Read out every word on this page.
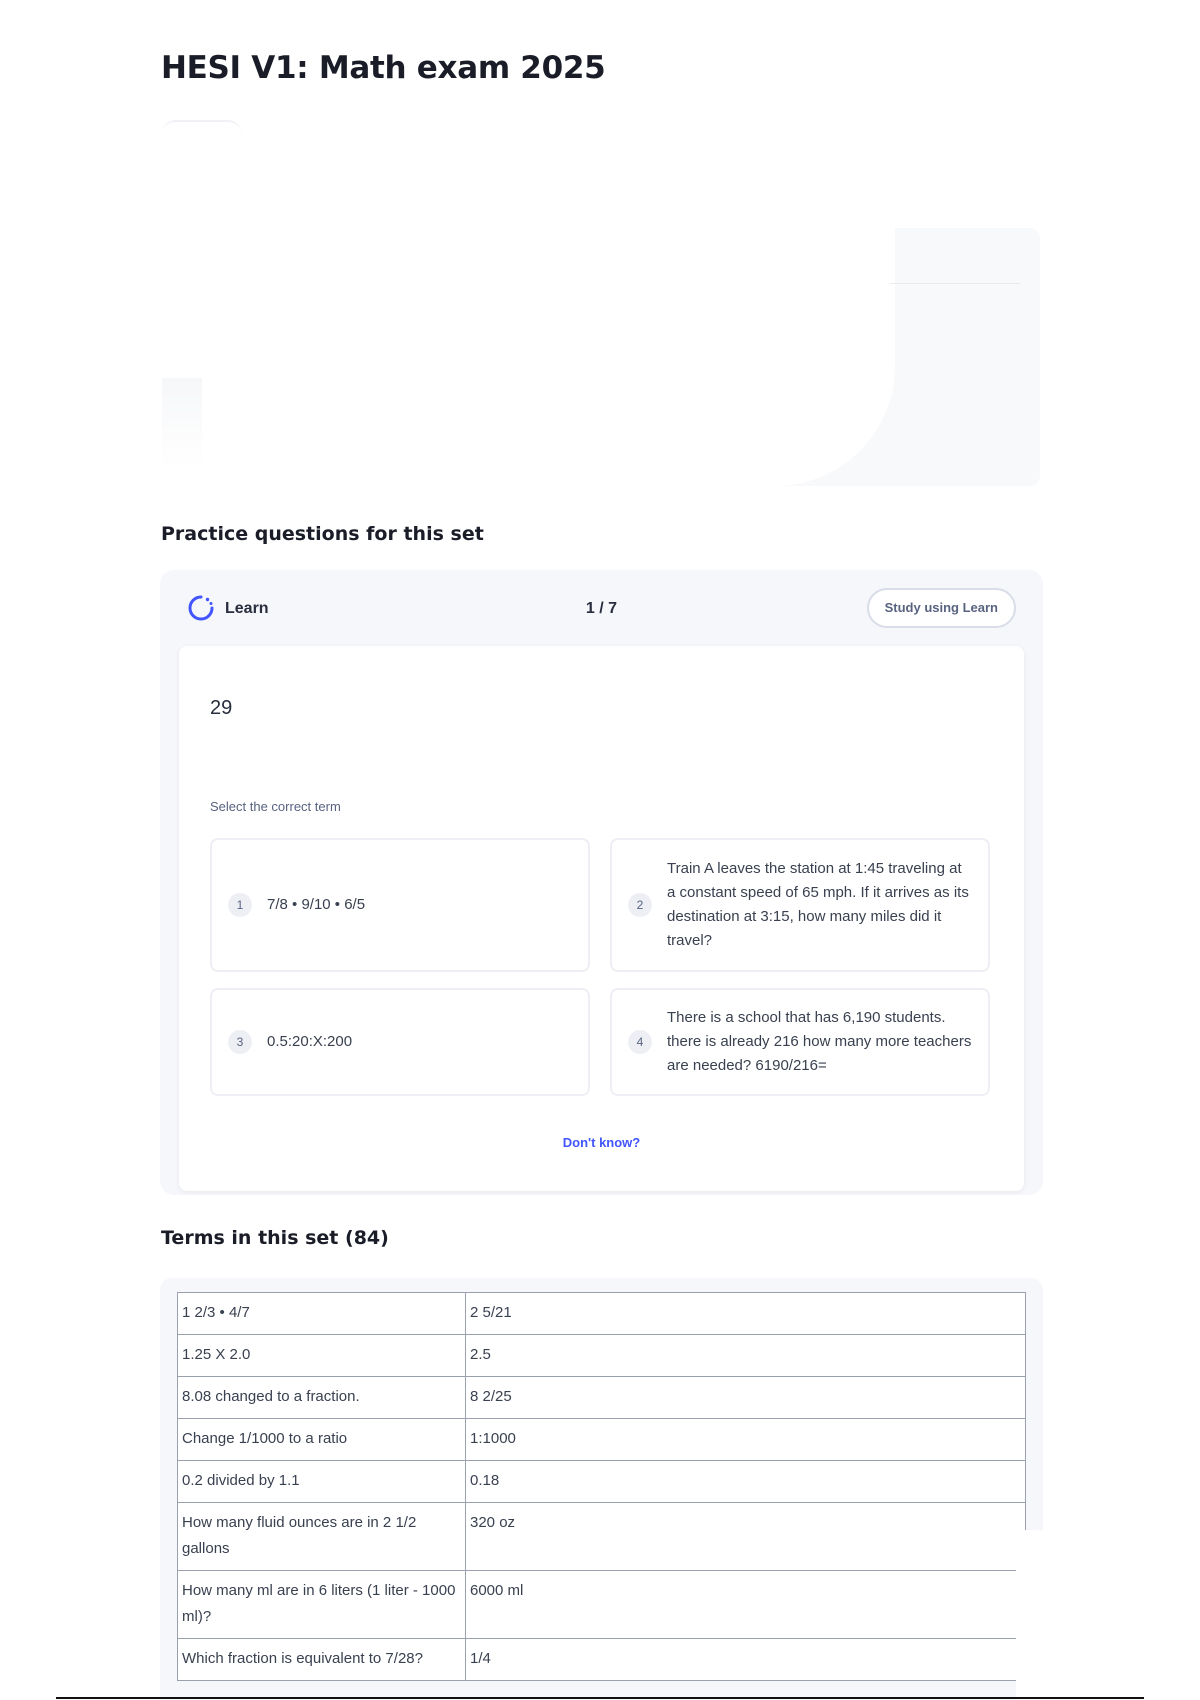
HESI V1: Math exam 2025
Practice questions for this set
Learn	1 / 7	Study using Learn
29
Select the correct term
1	7/8 • 9/10 • 6/5	2
Train A leaves the station at 1:45 traveling at a constant speed of 65 mph. If it arrives as its destination at 3:15, how many miles did it travel?
3	0.5:20:X:200	4
There is a school that has 6,190 students. there is already 216 how many more teachers are needed? 6190/216=
Don't know?
Terms in this set (84)
1 2/3 • 4/7	2 5/21
1.25 X 2.0	2.5
8.08 changed to a fraction.	8 2/25
Change 1/1000 to a ratio	1:1000
0.2 divided by 1.1	0.18
How many fluid ounces are in 2 1/2 gallons	320 oz
How many ml are in 6 liters (1 liter - 1000 ml)?	6000 ml
Which fraction is equivalent to 7/28?	1/4
